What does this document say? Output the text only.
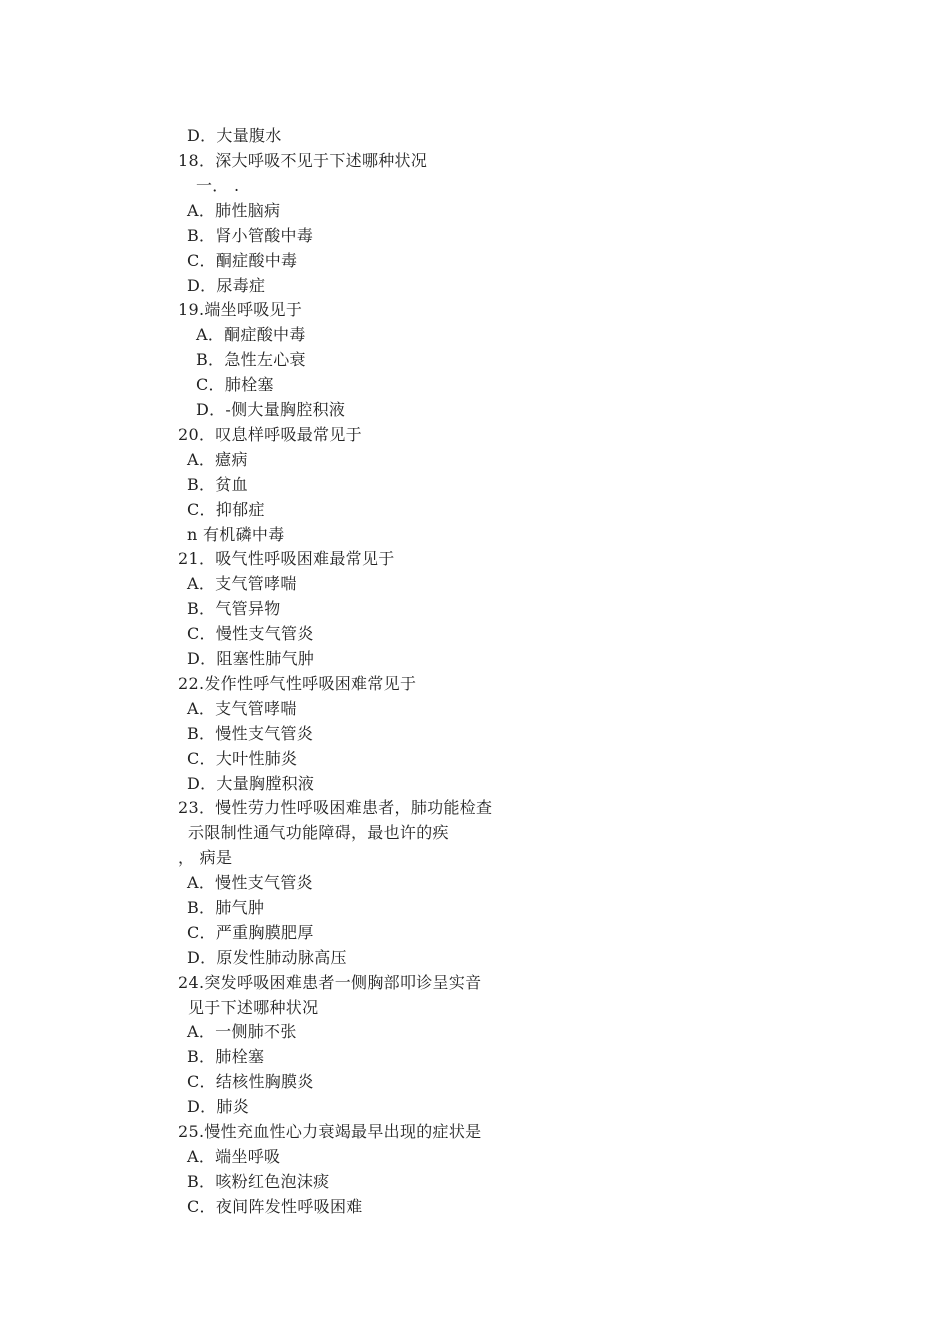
D．大量腹水
18．深大呼吸不见于下述哪种状况
一． .
A．肺性脑病
B．肾小管酸中毒
C．酮症酸中毒
D．尿毒症
19.端坐呼吸见于
A．酮症酸中毒
B．急性左心衰
C．肺栓塞
D．-侧大量胸腔积液
20．叹息样呼吸最常见于
A．癔病
B．贫血
C．抑郁症
n 有机磷中毒
21．吸气性呼吸困难最常见于
A．支气管哮喘
B．气管异物
C．慢性支气管炎
D．阻塞性肺气肿
22.发作性呼气性呼吸困难常见于
A．支气管哮喘
B．慢性支气管炎
C．大叶性肺炎
D．大量胸膛积液
23．慢性劳力性呼吸困难患者，肺功能检查
示限制性通气功能障碍，最也许的疾
， 病是
A．慢性支气管炎
B．肺气肿
C．严重胸膜肥厚
D．原发性肺动脉高压
24.突发呼吸困难患者一侧胸部叩诊呈实音
见于下述哪种状况
A．一侧肺不张
B．肺栓塞
C．结核性胸膜炎
D．肺炎
25.慢性充血性心力衰竭最早出现的症状是
A．端坐呼吸
B．咳粉红色泡沫痰
C．夜间阵发性呼吸困难
